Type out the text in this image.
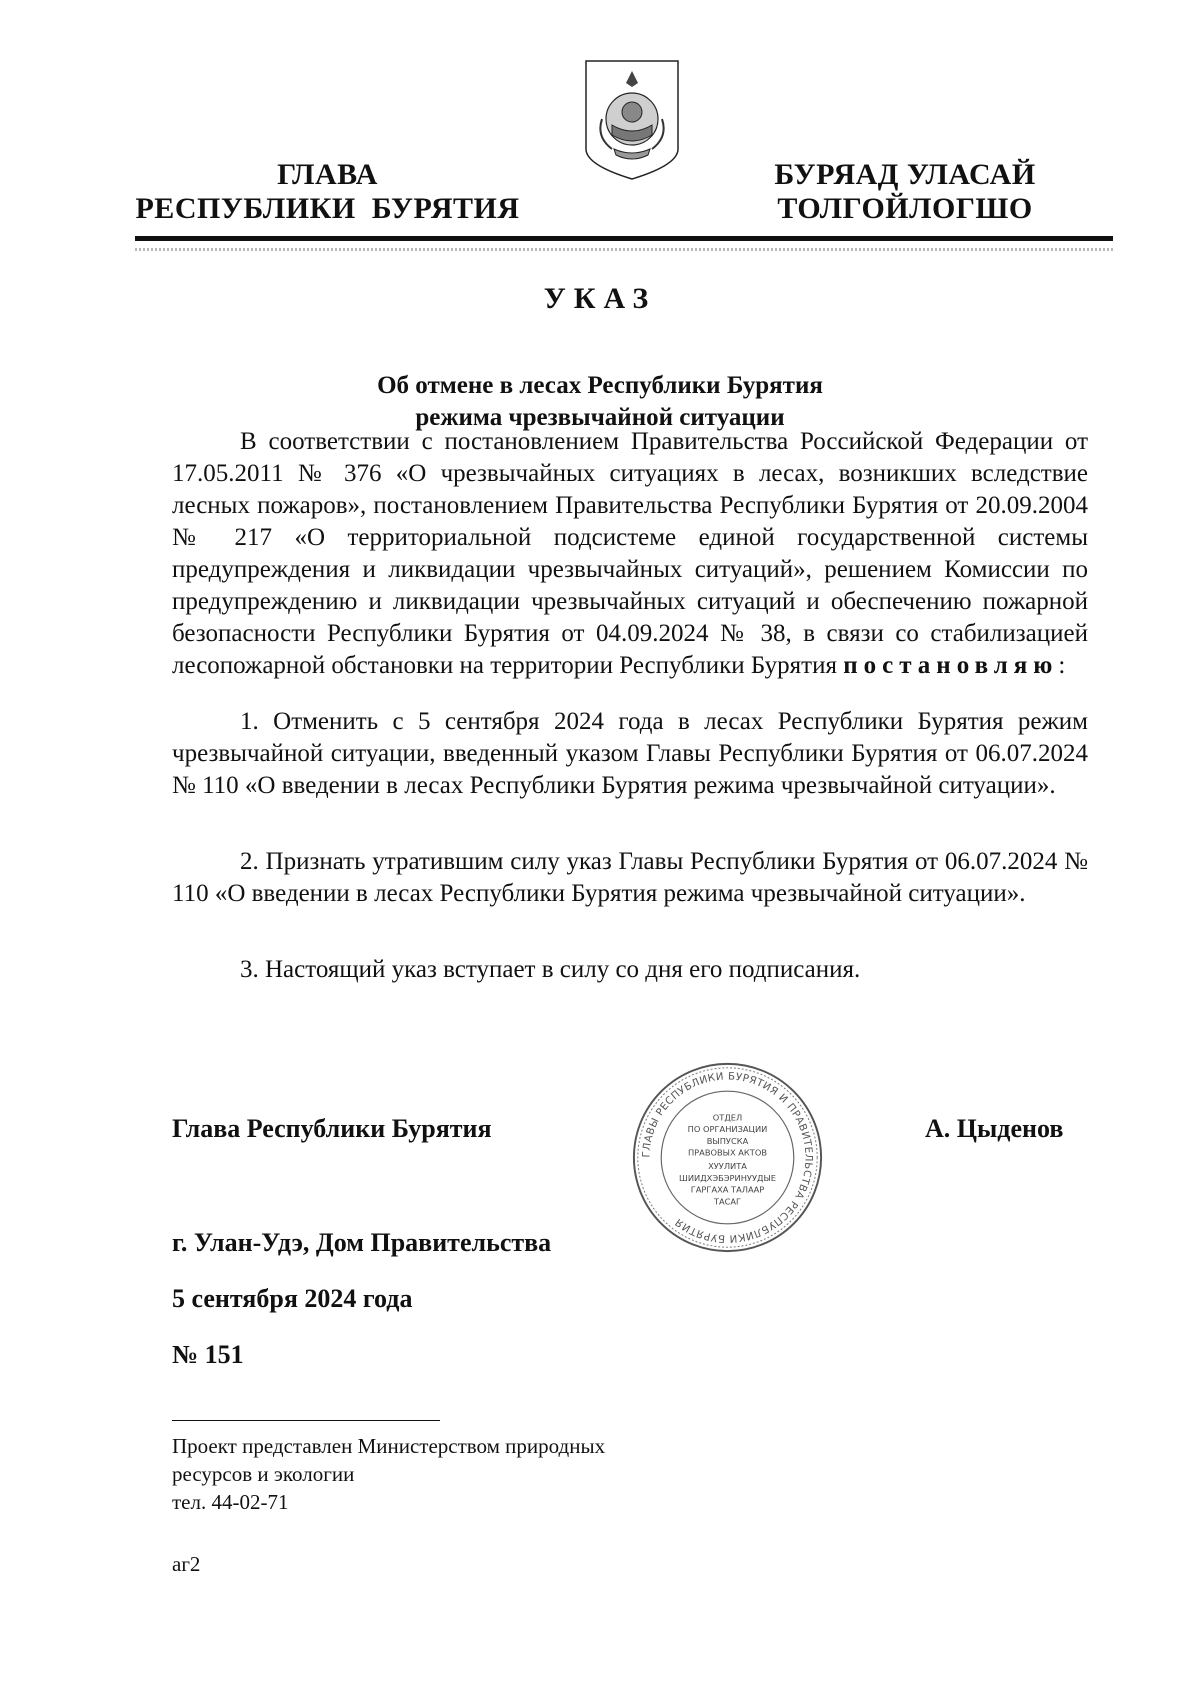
ГЛАВА
РЕСПУБЛИКИ  БУРЯТИЯ
БУРЯАД УЛАСАЙ
ТОЛГОЙЛОГШО
УКАЗ
Об отмене в лесах Республики Бурятия
режима чрезвычайной ситуации
В соответствии с постановлением Правительства Российской Федерации от 17.05.2011 № 376 «О чрезвычайных ситуациях в лесах, возникших вследствие лесных пожаров», постановлением Правительства Республики Бурятия от 20.09.2004 № 217 «О территориальной подсистеме единой государственной системы предупреждения и ликвидации чрезвычайных ситуаций», решением Комиссии по предупреждению и ликвидации чрезвычайных ситуаций и обеспечению пожарной безопасности Республики Бурятия от 04.09.2024 № 38, в связи со стабилизацией лесопожарной обстановки на территории Республики Бурятия постановляю:
1. Отменить с 5 сентября 2024 года в лесах Республики Бурятия режим чрезвычайной ситуации, введенный указом Главы Республики Бурятия от 06.07.2024 № 110 «О введении в лесах Республики Бурятия режима чрезвычайной ситуации».
2. Признать утратившим силу указ Главы Республики Бурятия от 06.07.2024 № 110 «О введении в лесах Республики Бурятия режима чрезвычайной ситуации».
3. Настоящий указ вступает в силу со дня его подписания.
Глава Республики Бурятия
ГЛАВЫ РЕСПУБЛИКИ БУРЯТИЯ И ПРАВИТЕЛЬСТВА РЕСПУБЛИКИ БУРЯТИЯ
ОТДЕЛ
ПО ОРГАНИЗАЦИИ
ВЫПУСКА
ПРАВОВЫХ АКТОВ
ХУУЛИТА
ШИИДХЭБЭРИНУУДЫЕ
ГАРГАХА ТАЛААР
ТАСАГ
А. Цыденов
г. Улан-Удэ, Дом Правительства
5 сентября 2024 года
№ 151
Проект представлен Министерством природных
ресурсов и экологии
тел. 44-02-71
аг2
